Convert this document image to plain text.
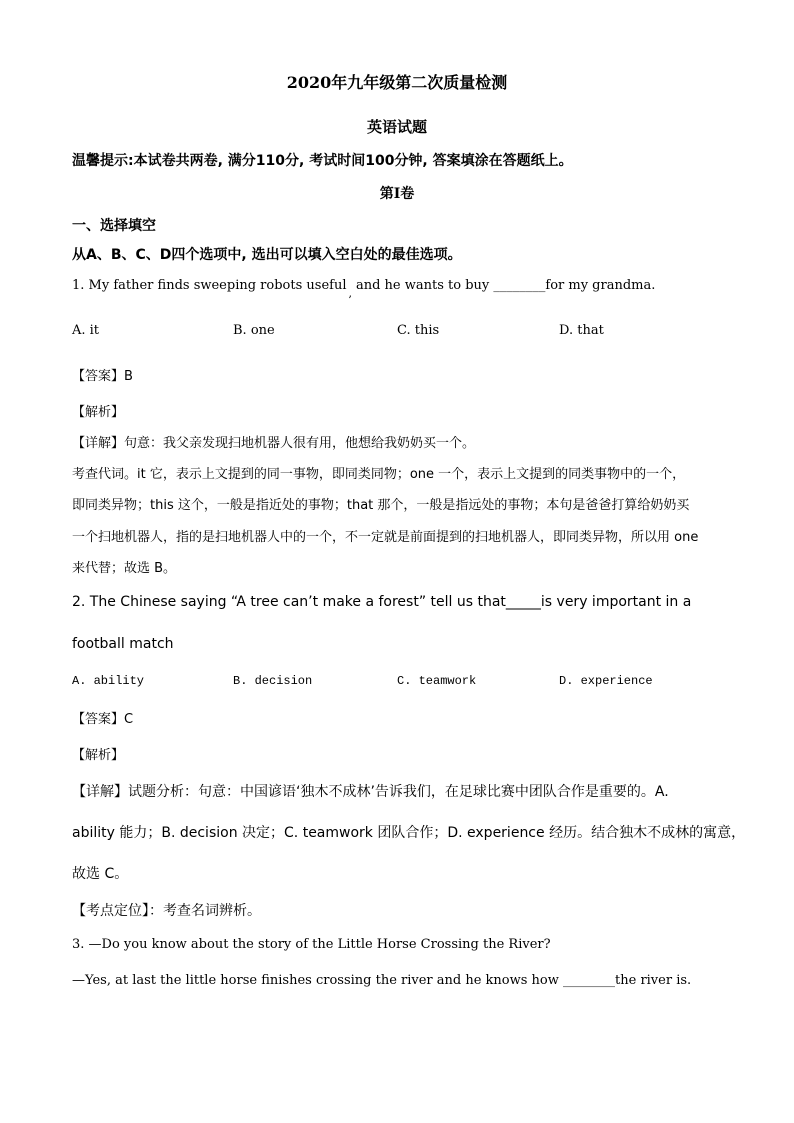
2020年九年级第二次质量检测
英语试题
温馨提示:本试卷共两卷, 满分110分, 考试时间100分钟, 答案填涂在答题纸上。
第I卷
一、选择填空
从A、B、C、D四个选项中, 选出可以填入空白处的最佳选项。
1. My father finds sweeping robots useful$_,$and he wants to buy ________for my grandma.
A. it	B. one	C. this	D. that
【答案】B
【解析】
【详解】句意：我父亲发现扫地机器人很有用，他想给我奶奶买一个。
考查代词。it 它，表示上文提到的同一事物，即同类同物；one 一个，表示上文提到的同类事物中的一个，
即同类异物；this 这个，一般是指近处的事物；that 那个，一般是指远处的事物；本句是爸爸打算给奶奶买
一个扫地机器人，指的是扫地机器人中的一个，不一定就是前面提到的扫地机器人，即同类异物，所以用 one
来代替；故选 B。
2. The Chinese saying “A tree can’t make a forest” tell us that_____is very important in a
football match
A. ability	B. decision	C. teamwork	D. experience
【答案】C
【解析】
【详解】试题分析：句意：中国谚语‘独木不成林’告诉我们，在足球比赛中团队合作是重要的。A.
ability 能力；B. decision 决定；C. teamwork 团队合作；D. experience 经历。结合独木不成林的寓意，
故选 C。
【考点定位】：考查名词辨析。
3. —Do you know about the story of the Little Horse Crossing the River?
—Yes, at last the little horse finishes crossing the river and he knows how ________the river is.
